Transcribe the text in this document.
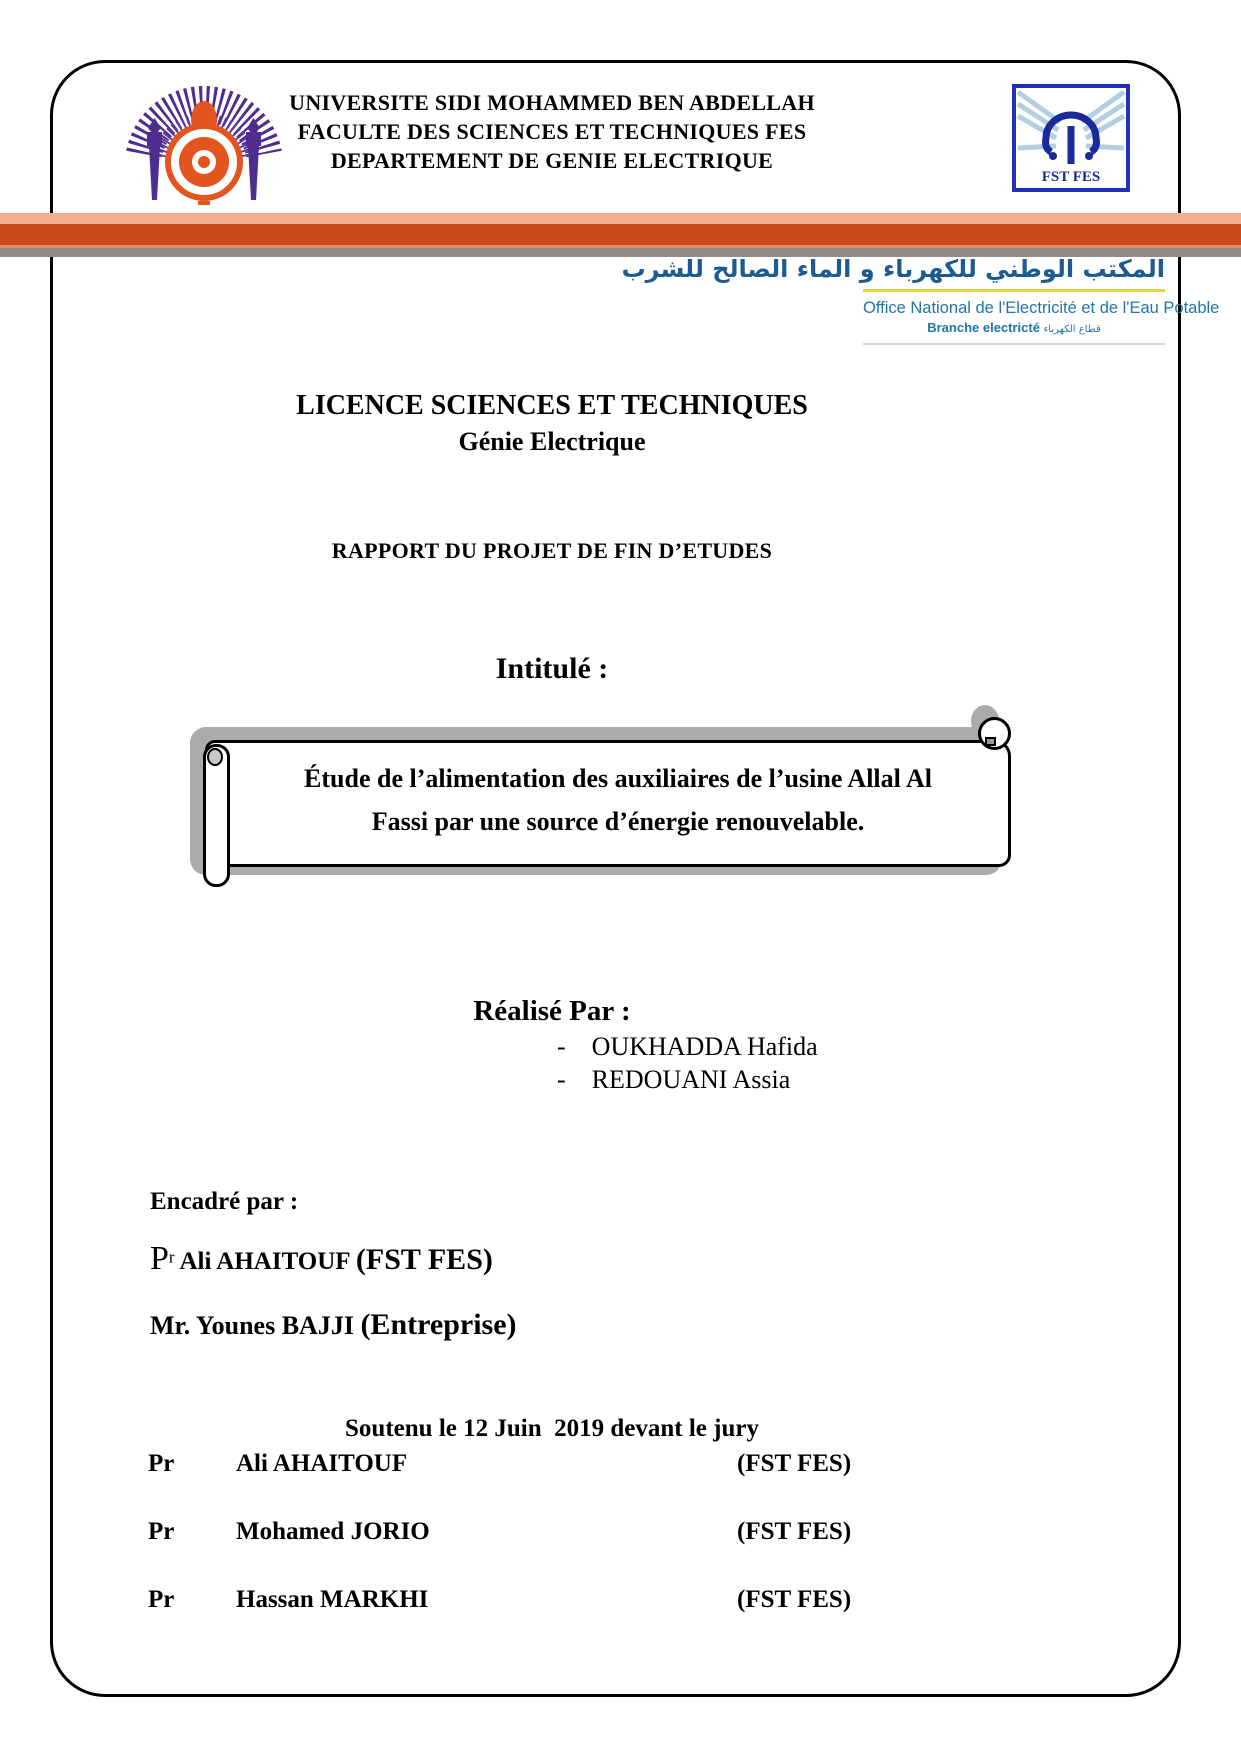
UNIVERSITE SIDI MOHAMMED BEN ABDELLAH
FACULTE DES SCIENCES ET TECHNIQUES FES
DEPARTEMENT DE GENIE ELECTRIQUE
FST FES
المكتب الوطني للكهرباء و الماء الصالح للشرب
Office National de l'Electricité et de l'Eau Potable
Branche electricté قطاع الكهرباء
LICENCE SCIENCES ET TECHNIQUES
Génie Electrique
RAPPORT DU PROJET DE FIN D’ETUDES
Intitulé :
Étude de l’alimentation des auxiliaires de l’usine Allal Al
Fassi par une source d’énergie renouvelable.
Réalisé Par :
- OUKHADDA Hafida
- REDOUANI Assia
Encadré par :
$P^r$ Ali AHAITOUF (FST FES)
Mr. Younes BAJJI (Entreprise)
Soutenu le 12 Juin  2019 devant le jury
Pr Ali AHAITOUF	(FST FES)
Pr Mohamed JORIO	(FST FES)
Pr Hassan MARKHI	(FST FES)
